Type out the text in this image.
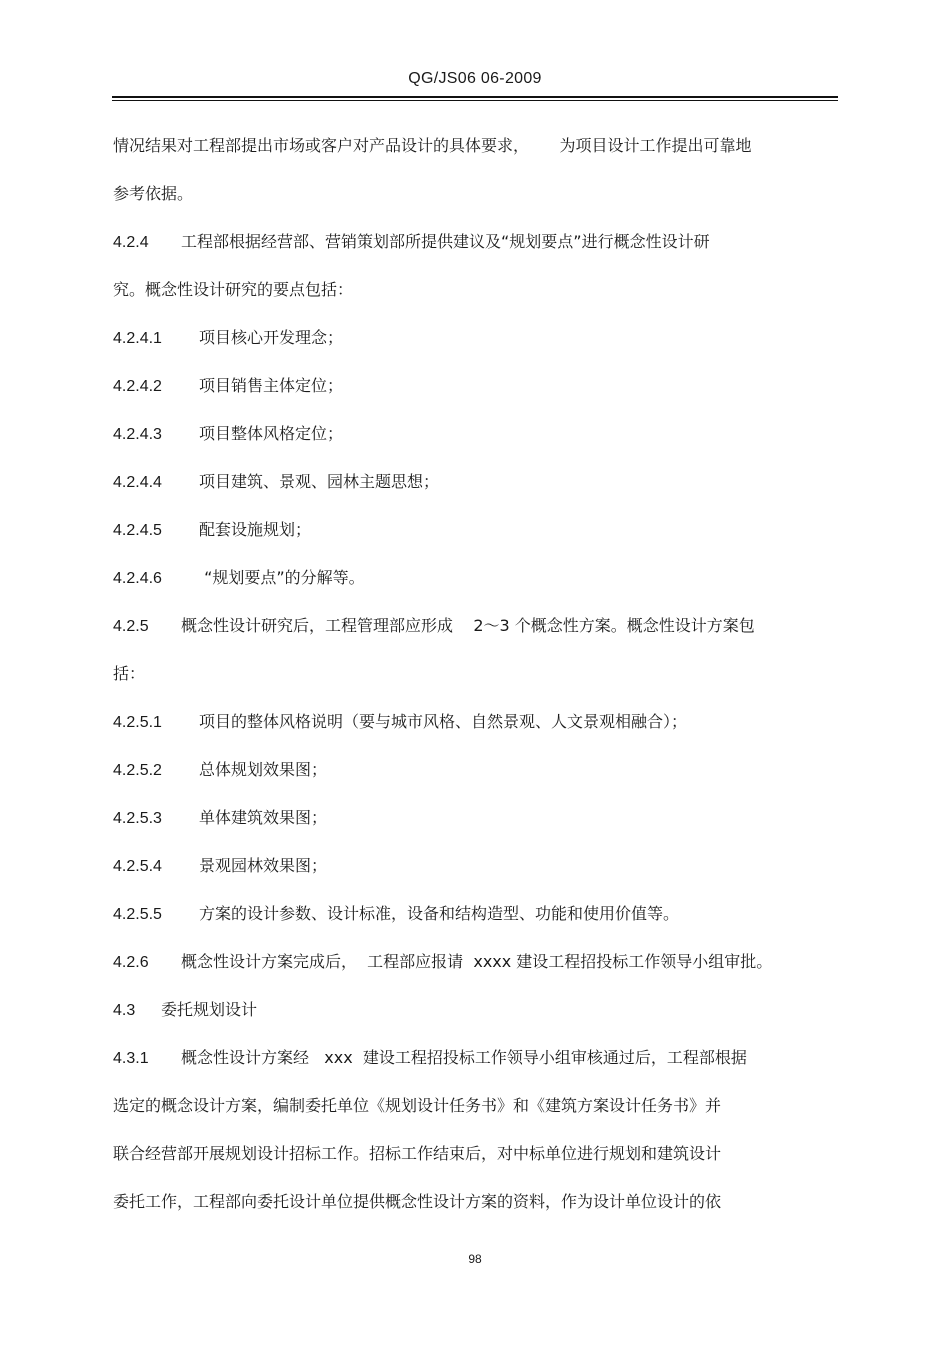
QG/JS06 06-2009
情况结果对工程部提出市场或客户对产品设计的具体要求，      为项目设计工作提出可靠地
参考依据。
4.2.4 工程部根据经营部、营销策划部所提供建议及“规划要点”进行概念性设计研
究。概念性设计研究的要点包括：
4.2.4.1 项目核心开发理念；
4.2.4.2 项目销售主体定位；
4.2.4.3 项目整体风格定位；
4.2.4.4 项目建筑、景观、园林主题思想；
4.2.4.5 配套设施规划；
4.2.4.6 “规划要点”的分解等。
4.2.5 概念性设计研究后，工程管理部应形成    2～3 个概念性方案。概念性设计方案包
括：
4.2.5.1 项目的整体风格说明（要与城市风格、自然景观、人文景观相融合）；
4.2.5.2 总体规划效果图；
4.2.5.3 单体建筑效果图；
4.2.5.4 景观园林效果图；
4.2.5.5 方案的设计参数、设计标准，设备和结构造型、功能和使用价值等。
4.2.6 概念性设计方案完成后，  工程部应报请  xxxx 建设工程招投标工作领导小组审批。
4.3 委托规划设计
4.3.1 概念性设计方案经   xxx  建设工程招投标工作领导小组审核通过后，工程部根据
选定的概念设计方案，编制委托单位《规划设计任务书》和《建筑方案设计任务书》并
联合经营部开展规划设计招标工作。招标工作结束后，对中标单位进行规划和建筑设计
委托工作，工程部向委托设计单位提供概念性设计方案的资料，作为设计单位设计的依
98
